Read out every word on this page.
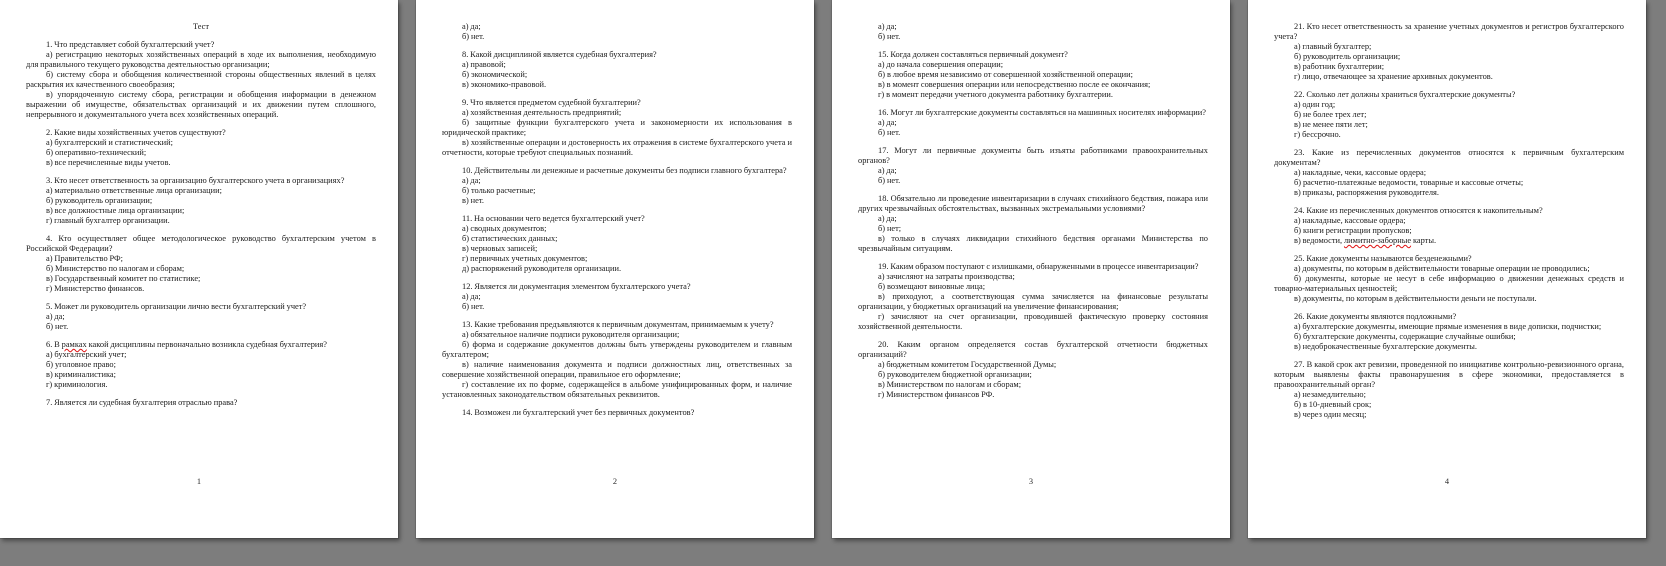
Тест

1. Что представляет собой бухгалтерский учет?

а) регистрацию некоторых хозяйственных операций в ходе их выполнения, необходимую для правильного текущего руководства деятельностью организации;

б) систему сбора и обобщения количественной стороны общественных явлений в целях раскрытия их качественного своеобразия;

в) упорядоченную систему сбора, регистрации и обобщения информации в денежном выражении об имуществе, обязательствах организаций и их движении путем сплошного, непрерывного и документального учета всех хозяйственных операций.

2. Какие виды хозяйственных учетов существуют?

а) бухгалтерский и статистический;

б) оперативно-технический;

в) все перечисленные виды учетов.

3. Кто несет ответственность за организацию бухгалтерского учета в организациях?

а) материально ответственные лица организации;

б) руководитель организации;

в) все должностные лица организации;

г) главный бухгалтер организации.

4. Кто осуществляет общее методологическое руководство бухгалтерским учетом в Российской Федерации?

а) Правительство РФ;

б) Министерство по налогам и сборам;

в) Государственный комитет по статистике;

г) Министерство финансов.

5. Может ли руководитель организации лично вести бухгалтерский учет?

а) да;

б) нет.

6. В рамках какой дисциплины первоначально возникла судебная бухгалтерия?

а) бухгалтерский учет;

б) уголовное право;

в) криминалистика;

г) криминология.

7. Является ли судебная бухгалтерия отраслью права?

1

а) да;

б) нет.

8. Какой дисциплиной является судебная бухгалтерия?

а) правовой;

б) экономической;

в) экономико-правовой.

9. Что является предметом судебной бухгалтерии?

а) хозяйственная деятельность предприятий;

б) защитные функции бухгалтерского учета и закономерности их использования в юридической практике;

в) хозяйственные операции и достоверность их отражения в системе бухгалтерского учета и отчетности, которые требуют специальных познаний.

10. Действительны ли денежные и расчетные документы без подписи главного бухгалтера?

а) да;

б) только расчетные;

в) нет.

11. На основании чего ведется бухгалтерский учет?

а) сводных документов;

б) статистических данных;

в) черновых записей;

г) первичных учетных документов;

д) распоряжений руководителя организации.

12. Является ли документация элементом бухгалтерского учета?

а) да;

б) нет.

13. Какие требования предъявляются к первичным документам, принимаемым к учету?

а) обязательное наличие подписи руководителя организации;

б) форма и содержание документов должны быть утверждены руководителем и главным бухгалтером;

в) наличие наименования документа и подписи должностных лиц, ответственных за совершение хозяйственной операции, правильное его оформление;

г) составление их по форме, содержащейся в альбоме унифицированных форм, и наличие установленных законодательством обязательных реквизитов.

14. Возможен ли бухгалтерский учет без первичных документов?

2

а) да;

б) нет.

15. Когда должен составляться первичный документ?

а) до начала совершения операции;

б) в любое время независимо от совершенной хозяйственной операции;

в) в момент совершения операции или непосредственно после ее окончания;

г) в момент передачи учетного документа работнику бухгалтерии.

16. Могут ли бухгалтерские документы составляться на машинных носителях информации?

а) да;

б) нет.

17. Могут ли первичные документы быть изъяты работниками правоохранительных органов?

а) да;

б) нет.

18. Обязательно ли проведение инвентаризации в случаях стихийного бедствия, пожара или других чрезвычайных обстоятельствах, вызванных экстремальными условиями?

а) да;

б) нет;

в) только в случаях ликвидации стихийного бедствия органами Министерства по чрезвычайным ситуациям.

19. Каким образом поступают с излишками, обнаруженными в процессе инвентаризации?

а) зачисляют на затраты производства;

б) возмещают виновные лица;

в) приходуют, а соответствующая сумма зачисляется на финансовые результаты организации, у бюджетных организаций на увеличение финансирования;

г) зачисляют на счет организации, проводившей фактическую проверку состояния хозяйственной деятельности.

20. Каким органом определяется состав бухгалтерской отчетности бюджетных организаций?

а) бюджетным комитетом Государственной Думы;

б) руководителем бюджетной организации;

в) Министерством по налогам и сборам;

г) Министерством финансов РФ.

3

21. Кто несет ответственность за хранение учетных документов и регистров бухгалтерского учета?

а) главный бухгалтер;

б) руководитель организации;

в) работник бухгалтерии;

г) лицо, отвечающее за хранение архивных документов.

22. Сколько лет должны храниться бухгалтерские документы?

а) один год;

б) не более трех лет;

в) не менее пяти лет;

г) бессрочно.

23. Какие из перечисленных документов относятся к первичным бухгалтерским документам?

а) накладные, чеки, кассовые ордера;

б) расчетно-платежные ведомости, товарные и кассовые отчеты;

в) приказы, распоряжения руководителя.

24. Какие из перечисленных документов относятся к накопительным?

а) накладные, кассовые ордера;

б) книги регистрации пропусков;

в) ведомости, лимитно-заборные карты.

25. Какие документы называются безденежными?

а) документы, по которым в действительности товарные операции не проводились;

б) документы, которые не несут в себе информацию о движении денежных средств и товарно-материальных ценностей;

в) документы, по которым в действительности деньги не поступали.

26. Какие документы являются подложными?

а) бухгалтерские документы, имеющие прямые изменения в виде дописки, подчистки;

б) бухгалтерские документы, содержащие случайные ошибки;

в) недоброкачественные бухгалтерские документы.

27. В какой срок акт ревизии, проведенной по инициативе контрольно-ревизионного органа, которым выявлены факты правонарушения в сфере экономики, предоставляется в правоохранительный орган?

а) незамедлительно;

б) в 10-дневный срок;

в) через один месяц;

4
